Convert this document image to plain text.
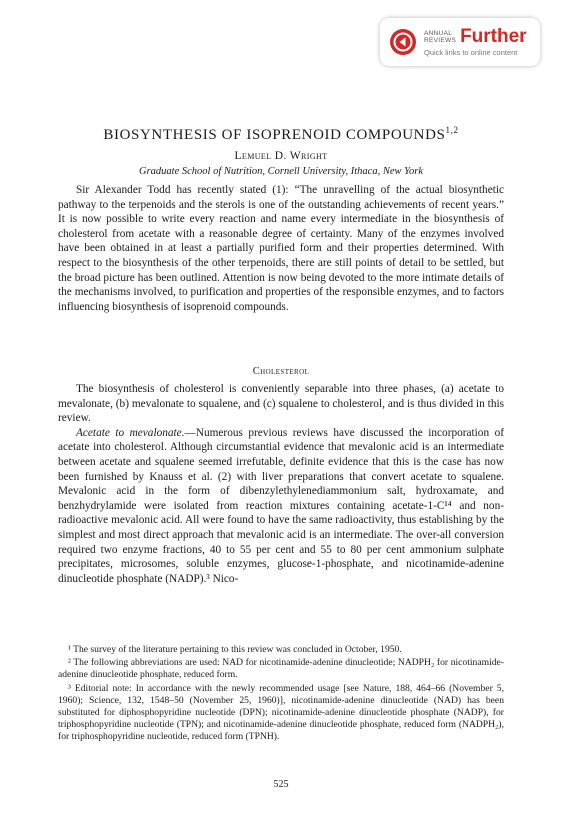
ANNUAL
REVIEWS Further
Quick links to online content
BIOSYNTHESIS OF ISOPRENOID COMPOUNDS$^{1,2}$
Lemuel D. Wright
Graduate School of Nutrition, Cornell University, Ithaca, New York

Sir Alexander Todd has recently stated (1): “The unravelling of the actual biosynthetic pathway to the terpenoids and the sterols is one of the outstanding achievements of recent years.” It is now possible to write every reaction and name every intermediate in the biosynthesis of cholesterol from acetate with a reasonable degree of certainty. Many of the enzymes involved have been obtained in at least a partially purified form and their properties determined. With respect to the biosynthesis of the other terpenoids, there are still points of detail to be settled, but the broad picture has been outlined. Attention is now being devoted to the more intimate details of the mechanisms involved, to purification and properties of the responsible enzymes, and to factors influencing biosynthesis of isoprenoid compounds.

Cholesterol

The biosynthesis of cholesterol is conveniently separable into three phases, (a) acetate to mevalonate, (b) mevalonate to squalene, and (c) squalene to cholesterol, and is thus divided in this review.

Acetate to mevalonate.—Numerous previous reviews have discussed the incorporation of acetate into cholesterol. Although circumstantial evidence that mevalonic acid is an intermediate between acetate and squalene seemed irrefutable, definite evidence that this is the case has now been furnished by Knauss et al. (2) with liver preparations that convert acetate to squalene. Mevalonic acid in the form of dibenzylethylenediammonium salt, hydroxamate, and benzhydrylamide were isolated from reaction mixtures containing acetate-1-C¹⁴ and non-radioactive mevalonic acid. All were found to have the same radioactivity, thus establishing by the simplest and most direct approach that mevalonic acid is an intermediate. The over-all conversion required two enzyme fractions, 40 to 55 per cent and 55 to 80 per cent ammonium sulphate precipitates, microsomes, soluble enzymes, glucose-1-phosphate, and nicotinamide-adenine dinucleotide phosphate (NADP).³ Nico-

¹ The survey of the literature pertaining to this review was concluded in October, 1950.

² The following abbreviations are used: NAD for nicotinamide-adenine dinucleotide; NADPH₂ for nicotinamide-adenine dinucleotide phosphate, reduced form.

³ Editorial note: In accordance with the newly recommended usage [see Nature, 188, 464–66 (November 5, 1960); Science, 132, 1548–50 (November 25, 1960)], nicotinamide-adenine dinucleotide (NAD) has been substituted for diphosphopyridine nucleotide (DPN); nicotinamide-adenine dinucleotide phosphate (NADP), for triphosphopyridine nucleotide (TPN); and nicotinamide-adenine dinucleotide phosphate, reduced form (NADPH₂), for triphosphopyridine nucleotide, reduced form (TPNH).

525
